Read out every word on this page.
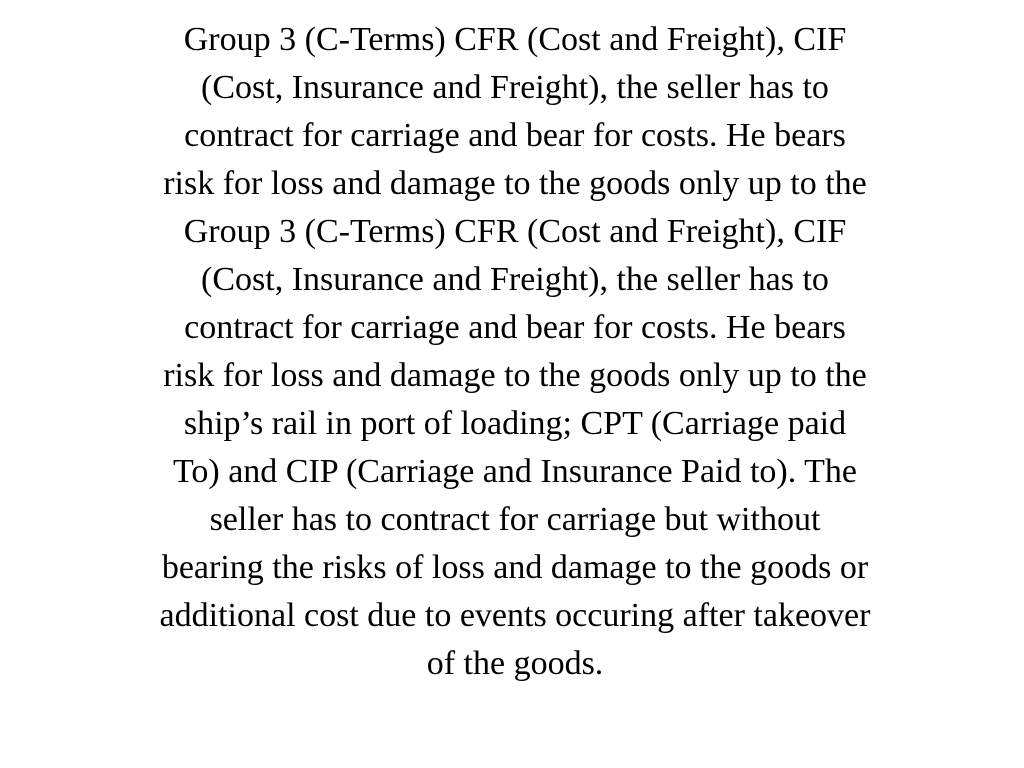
Group 3 (C-Terms) CFR (Cost and Freight), CIF
(Cost, Insurance and Freight), the seller has to
contract for carriage and bear for costs. He bears
risk for loss and damage to the goods only up to the
Group 3 (C-Terms) CFR (Cost and Freight), CIF
(Cost, Insurance and Freight), the seller has to
contract for carriage and bear for costs. He bears
risk for loss and damage to the goods only up to the
ship’s rail in port of loading; CPT (Carriage paid
To) and CIP (Carriage and Insurance Paid to). The
seller has to contract for carriage but without
bearing the risks of loss and damage to the goods or
additional cost due to events occuring after takeover
of the goods.
